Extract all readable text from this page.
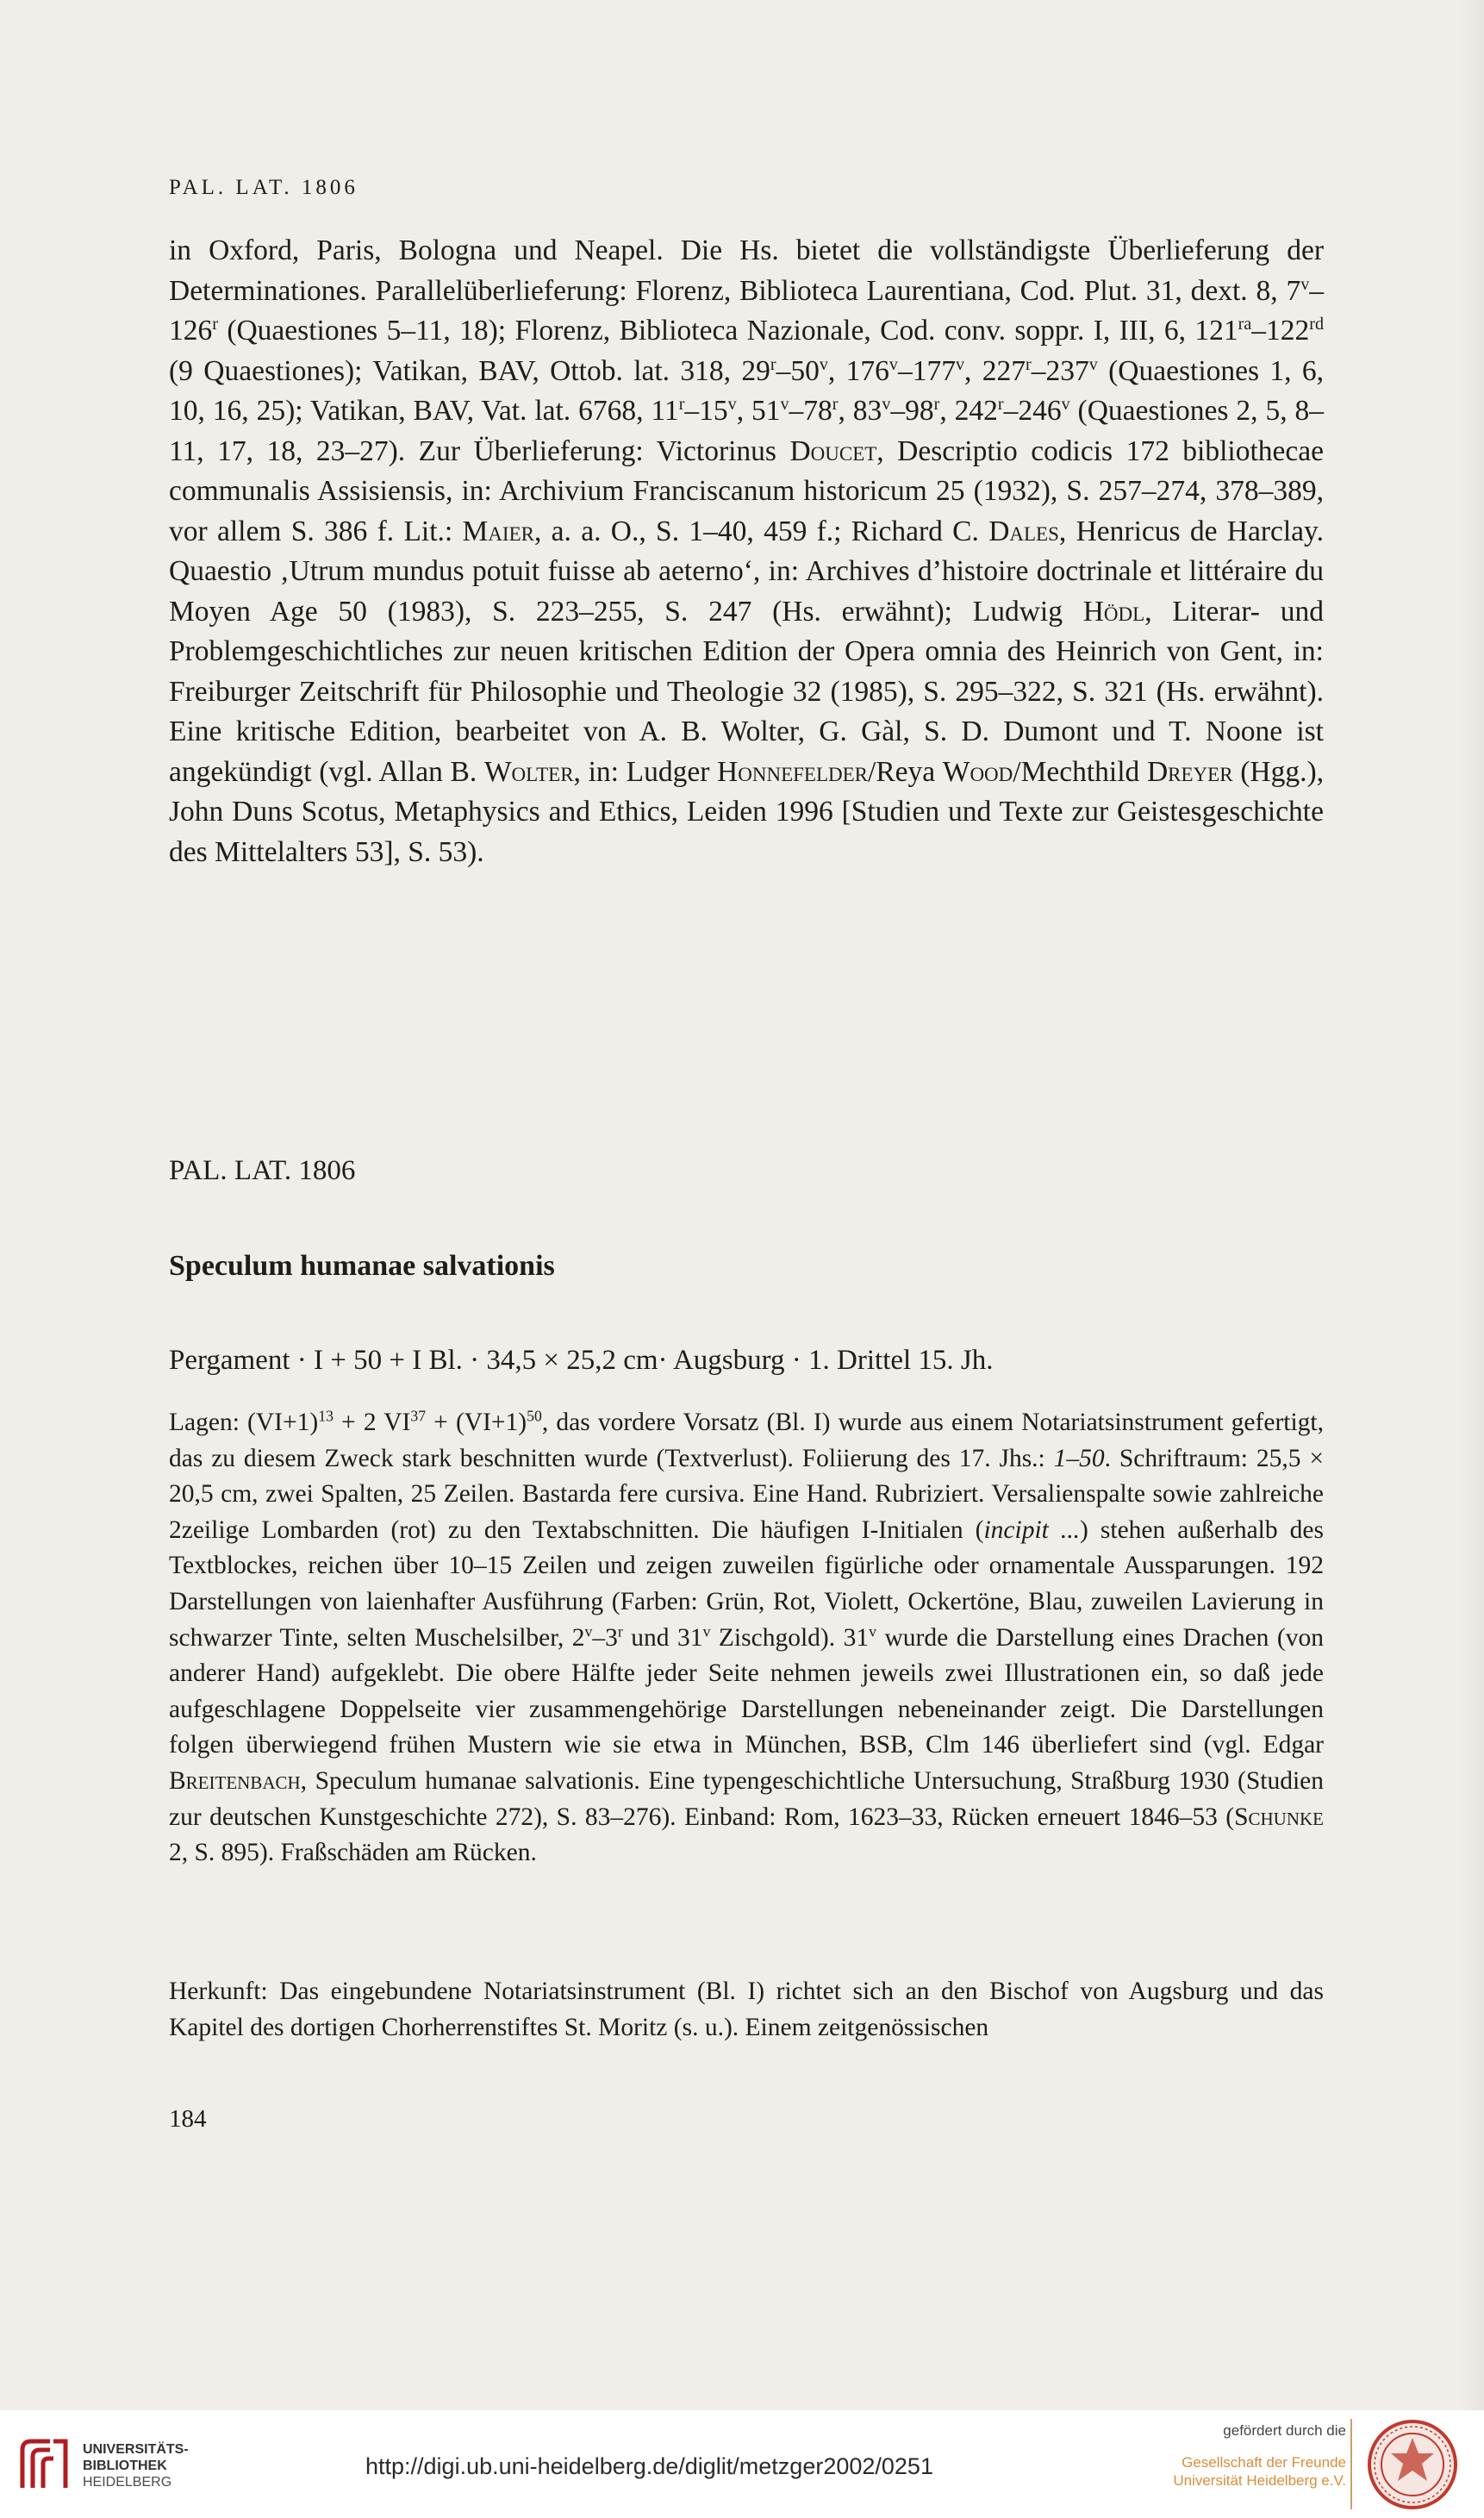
PAL. LAT. 1806

in Oxford, Paris, Bologna und Neapel. Die Hs. bietet die vollständigste Überlieferung der Determinationes. Parallelüberlieferung: Florenz, Biblioteca Laurentiana, Cod. Plut. 31, dext. 8, 7$^v$–126$^r$ (Quaestiones 5–11, 18); Florenz, Biblioteca Nazionale, Cod. conv. soppr. I, III, 6, $121^{ra}-122rd$ (9 Quaestiones); Vatikan, BAV, Ottob. lat. 318, 29$^r$–50$^v$, 176$^v$–177$^v$, 227$^r$–237$^v$ (Quaestiones 1, 6, 10, 16, 25); Vatikan, BAV, Vat. lat. 6768, 11$^r$–15$^v$, 51$^v$–78$^r$, 83$^v$–98$^r$, 242$^r$–246$^v$ (Quaestiones 2, 5, 8–11, 17, 18, 23–27). Zur Überlieferung: Victorinus Doucet, Descriptio codicis 172 bibliothecae communalis Assisiensis, in: Archivium Franciscanum historicum 25 (1932), S. 257–274, 378–389, vor allem S. 386 f. Lit.: Maier, a. a. O., S. 1–40, 459 f.; Richard C. Dales, Henricus de Harclay. Quaestio ‚Utrum mundus potuit fuisse ab aeterno‘, in: Archives d’histoire doctrinale et littéraire du Moyen Age 50 (1983), S. 223–255, S. 247 (Hs. erwähnt); Ludwig Hödl, Literar- und Problemgeschichtliches zur neuen kritischen Edition der Opera omnia des Heinrich von Gent, in: Freiburger Zeitschrift für Philosophie und Theologie 32 (1985), S. 295–322, S. 321 (Hs. erwähnt). Eine kritische Edition, bearbeitet von A. B. Wolter, G. Gàl, S. D. Dumont und T. Noone ist angekündigt (vgl. Allan B. Wolter, in: Ludger Honnefelder/Reya Wood/Mechthild Dreyer (Hgg.), John Duns Scotus, Metaphysics and Ethics, Leiden 1996 [Studien und Texte zur Geistesgeschichte des Mittelalters 53], S. 53).

PAL. LAT. 1806
Speculum humanae salvationis
Pergament · I + 50 + I Bl. · 34,5 × 25,2 cm· Augsburg · 1. Drittel 15. Jh.

Lagen: $(VI+1)^{13} + 2$ $VI^{37} + (VI+1)^{50}$, das vordere Vorsatz (Bl. I) wurde aus einem Notariatsinstrument gefertigt, das zu diesem Zweck stark beschnitten wurde (Textverlust). Foliierung des 17. Jhs.: 1–50. Schriftraum: 25,5 × 20,5 cm, zwei Spalten, 25 Zeilen. Bastarda fere cursiva. Eine Hand. Rubriziert. Versalienspalte sowie zahlreiche 2zeilige Lombarden (rot) zu den Textabschnitten. Die häufigen I-Initialen (incipit ...) stehen außerhalb des Textblockes, reichen über 10–15 Zeilen und zeigen zuweilen figürliche oder ornamentale Aussparungen. 192 Darstellungen von laienhafter Ausführung (Farben: Grün, Rot, Violett, Ockertöne, Blau, zuweilen Lavierung in schwarzer Tinte, selten Muschelsilber, 2$^v$–3$^r$ und 31$^v$ Zischgold). 31$^v$ wurde die Darstellung eines Drachen (von anderer Hand) aufgeklebt. Die obere Hälfte jeder Seite nehmen jeweils zwei Illustrationen ein, so daß jede aufgeschlagene Doppelseite vier zusammengehörige Darstellungen nebeneinander zeigt. Die Darstellungen folgen überwiegend frühen Mustern wie sie etwa in München, BSB, Clm 146 überliefert sind (vgl. Edgar Breitenbach, Speculum humanae salvationis. Eine typengeschichtliche Untersuchung, Straßburg 1930 (Studien zur deutschen Kunstgeschichte 272), S. 83–276). Einband: Rom, 1623–33, Rücken erneuert 1846–53 (Schunke 2, S. 895). Fraßschäden am Rücken.

Herkunft: Das eingebundene Notariatsinstrument (Bl. I) richtet sich an den Bischof von Augsburg und das Kapitel des dortigen Chorherrenstiftes St. Moritz (s. u.). Einem zeitgenössischen

184
UNIVERSITÄTS-
BIBLIOTHEK
HEIDELBERG
http://digi.ub.uni-heidelberg.de/diglit/metzger2002/0251
gefördert durch die
Gesellschaft der Freunde
Universität Heidelberg e.V.
